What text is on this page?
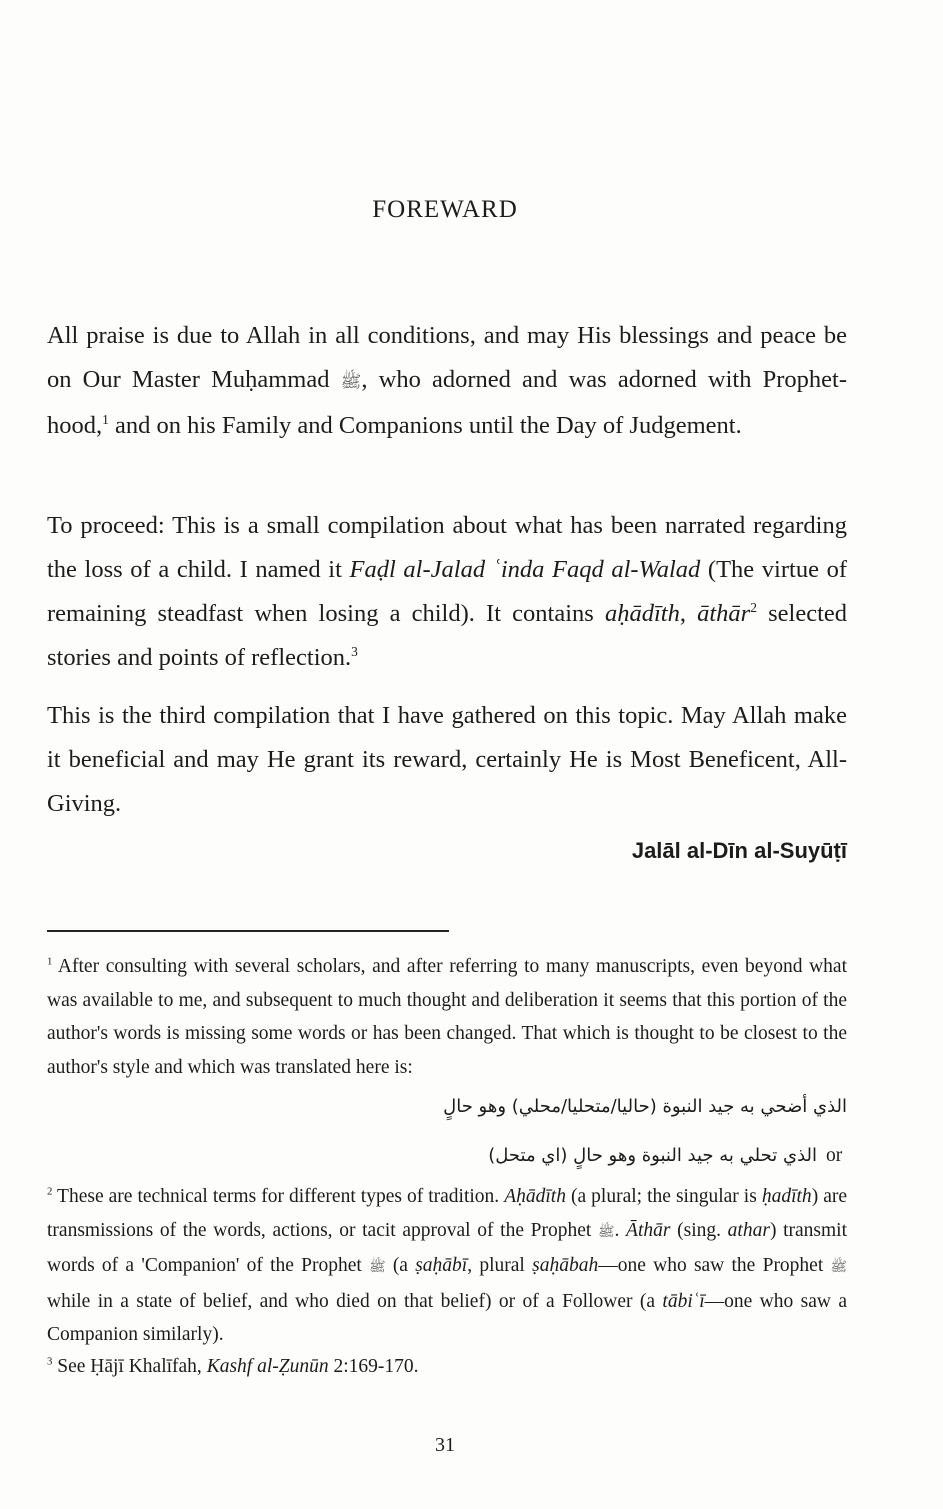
FOREWARD
All praise is due to Allah in all conditions, and may His blessings and peace be on Our Master Muḥammad ﷺ, who adorned and was adorned with Prophet-hood,$^1$ and on his Family and Companions until the Day of Judgement.
To proceed: This is a small compilation about what has been narrated regarding the loss of a child. I named it Faḍl al-Jalad ʿinda Faqd al-Walad (The virtue of remaining steadfast when losing a child). It contains aḥādīth, āthār$^2$ selected stories and points of reflection.$^3$
This is the third compilation that I have gathered on this topic. May Allah make it beneficial and may He grant its reward, certainly He is Most Beneficent, All-Giving.
Jalāl al-Dīn al-Suyūṭī
$^1$ After consulting with several scholars, and after referring to many manuscripts, even beyond what was available to me, and subsequent to much thought and deliberation it seems that this portion of the author's words is missing some words or has been changed. That which is thought to be closest to the author's style and which was translated here is:
الذي أضحي به جيد النبوة (حاليا/متحليا/محلي) وهو حالٍ
or
الذي تحلي به جيد النبوة وهو حالٍ (اي متحل)
$^2$ These are technical terms for different types of tradition. Aḥādīth (a plural; the singular is ḥadīth) are transmissions of the words, actions, or tacit approval of the Prophet ﷺ. Āthār (sing. athar) transmit words of a 'Companion' of the Prophet ﷺ (a ṣaḥābī, plural ṣaḥābah—one who saw the Prophet ﷺ while in a state of belief, and who died on that belief) or of a Follower (a tābiʿī—one who saw a Companion similarly).
$^3$ See Ḥājī Khalīfah, Kashf al-Ẓunūn 2:169-170.
31
